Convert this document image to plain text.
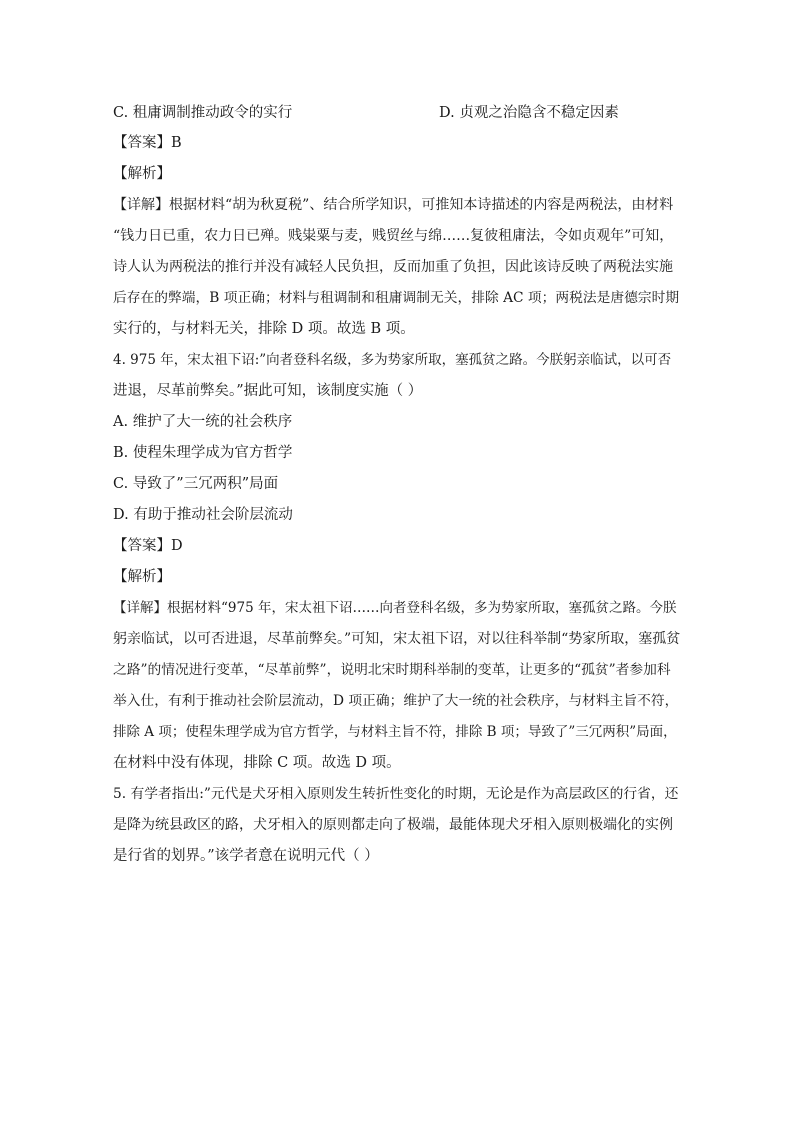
C. 租庸调制推动政令的实行	D. 贞观之治隐含不稳定因素
【答案】B
【解析】
【详解】根据材料“胡为秋夏税”、结合所学知识，可推知本诗描述的内容是两税法，由材料
“钱力日已重，农力日已殚。贱粜粟与麦，贱贸丝与绵……复彼租庸法，令如贞观年”可知，
诗人认为两税法的推行并没有减轻人民负担，反而加重了负担，因此该诗反映了两税法实施
后存在的弊端，B 项正确；材料与租调制和租庸调制无关，排除 AC 项；两税法是唐德宗时期
实行的，与材料无关，排除 D 项。故选 B 项。
4. 975 年，宋太祖下诏:”向者登科名级，多为势家所取，塞孤贫之路。今朕躬亲临试，以可否
进退，尽革前弊矣。”据此可知，该制度实施（ ）
A. 维护了大一统的社会秩序
B. 使程朱理学成为官方哲学
C. 导致了”三冗两积”局面
D. 有助于推动社会阶层流动
【答案】D
【解析】
【详解】根据材料“975 年，宋太祖下诏……向者登科名级，多为势家所取，塞孤贫之路。今朕
躬亲临试，以可否进退，尽革前弊矣。”可知，宋太祖下诏，对以往科举制“势家所取，塞孤贫
之路”的情况进行变革，“尽革前弊”，说明北宋时期科举制的变革，让更多的“孤贫”者参加科
举入仕，有利于推动社会阶层流动，D 项正确；维护了大一统的社会秩序，与材料主旨不符，
排除 A 项；使程朱理学成为官方哲学，与材料主旨不符，排除 B 项；导致了”三冗两积”局面，
在材料中没有体现，排除 C 项。故选 D 项。
5. 有学者指出:”元代是犬牙相入原则发生转折性变化的时期，无论是作为高层政区的行省，还
是降为统县政区的路，犬牙相入的原则都走向了极端，最能体现犬牙相入原则极端化的实例
是行省的划界。”该学者意在说明元代（ ）
